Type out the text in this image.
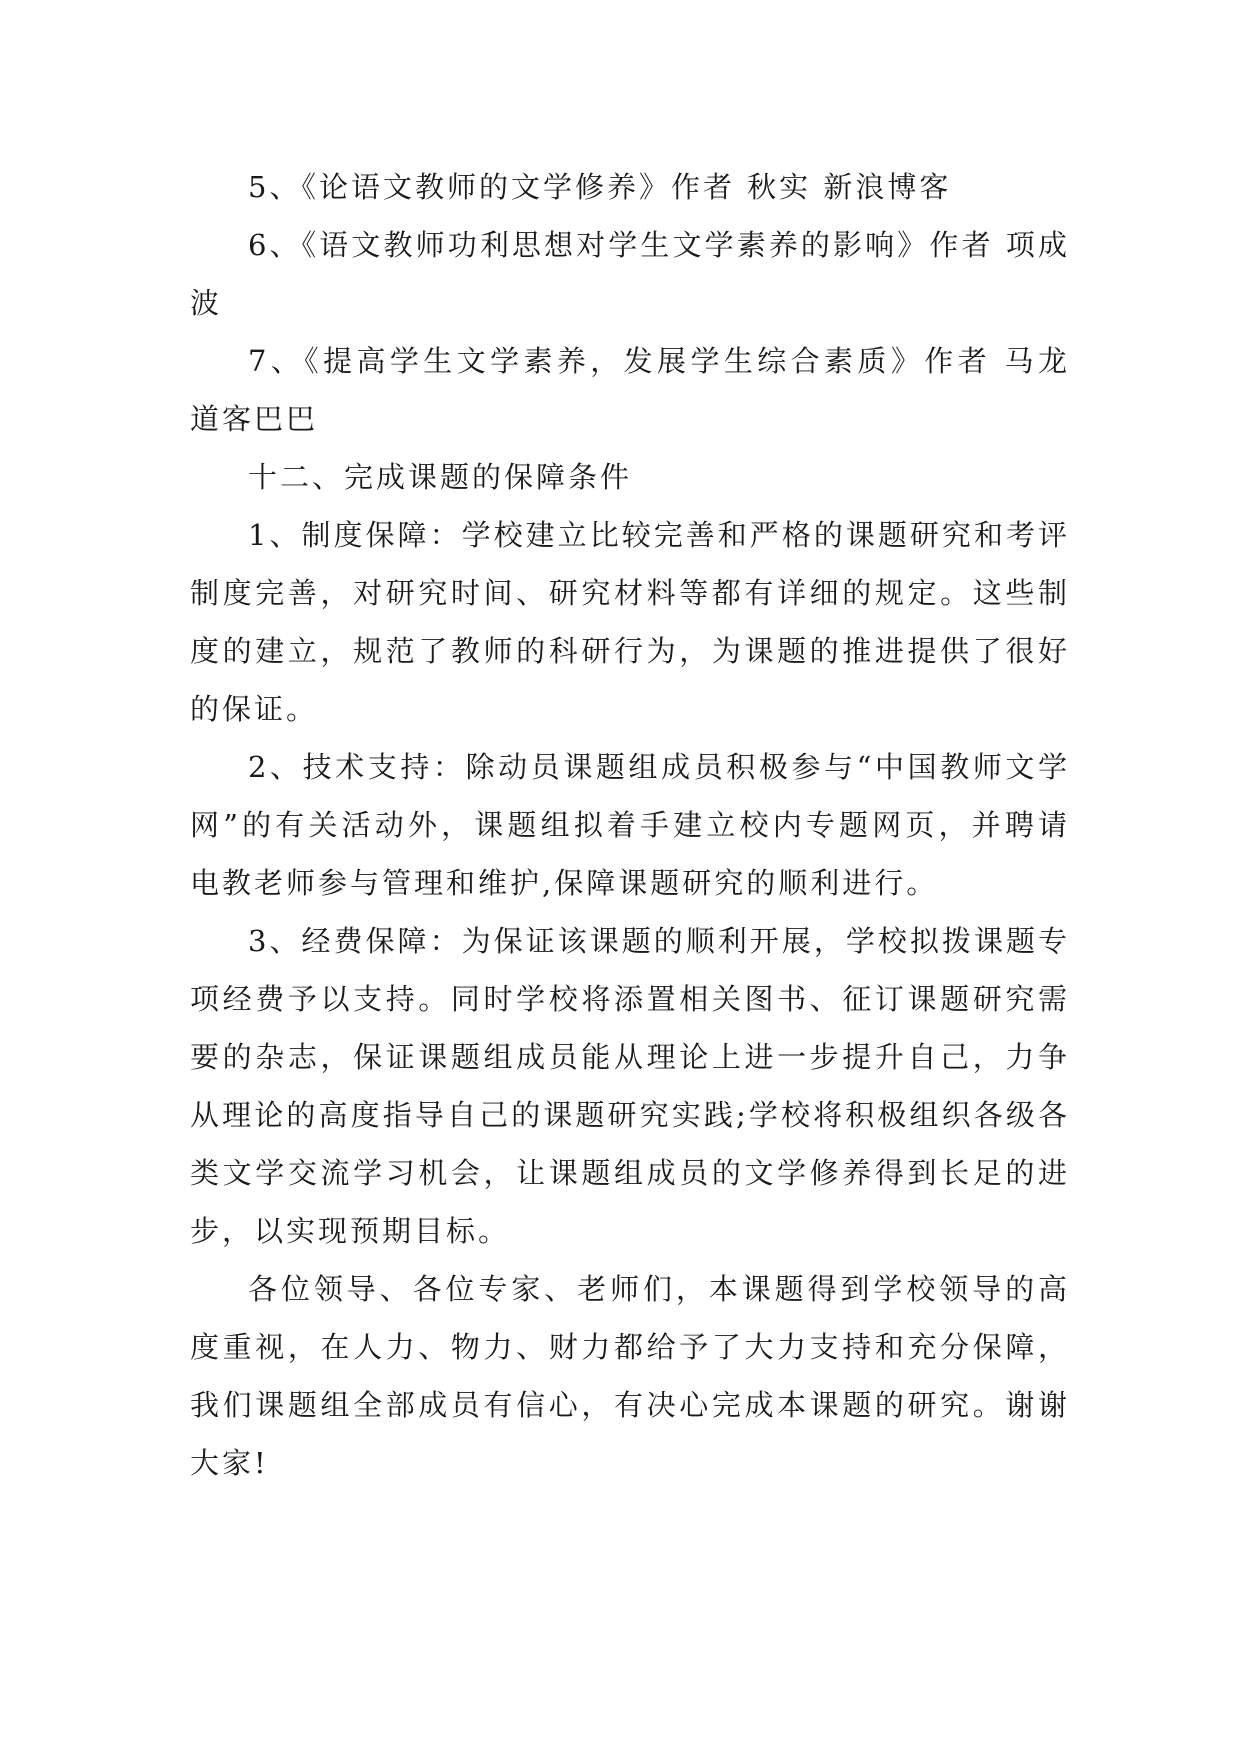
5、《论语文教师的文学修养》作者 秋实 新浪博客

6、《语文教师功利思想对学生文学素养的影响》作者 项成波

7、《提高学生文学素养，发展学生综合素质》作者 马龙 道客巴巴

十二、完成课题的保障条件

1、制度保障：学校建立比较完善和严格的课题研究和考评制度完善，对研究时间、研究材料等都有详细的规定。这些制度的建立，规范了教师的科研行为，为课题的推进提供了很好的保证。

2、技术支持：除动员课题组成员积极参与“中国教师文学网”的有关活动外，课题组拟着手建立校内专题网页，并聘请电教老师参与管理和维护,保障课题研究的顺利进行。

3、经费保障：为保证该课题的顺利开展，学校拟拨课题专项经费予以支持。同时学校将添置相关图书、征订课题研究需要的杂志，保证课题组成员能从理论上进一步提升自己，力争从理论的高度指导自己的课题研究实践;学校将积极组织各级各类文学交流学习机会，让课题组成员的文学修养得到长足的进步，以实现预期目标。

各位领导、各位专家、老师们，本课题得到学校领导的高度重视，在人力、物力、财力都给予了大力支持和充分保障，我们课题组全部成员有信心，有决心完成本课题的研究。谢谢大家!
